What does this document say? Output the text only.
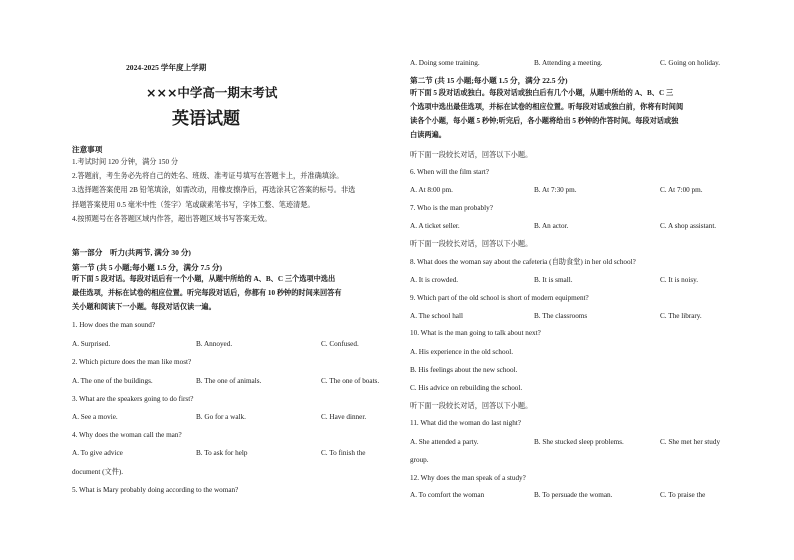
2024-2025 学年度上学期
×××中学高一期末考试
英语试题
注意事项
1.考试时间 120 分钟，满分 150 分
2.答题前，考生务必先将自己的姓名、班级、准考证号填写在答题卡上，并准确填涂。
3.选择题答案使用 2B 铅笔填涂，如需改动，用橡皮擦净后，再选涂其它答案的标号。非选
择题答案使用 0.5 毫米中性（签字）笔或碳素笔书写，字体工整、笔迹清楚。
4.按照题号在各答题区域内作答，超出答题区域书写答案无效。
第一部分　听力(共两节, 满分 30 分)
第一节 (共 5 小题;每小题 1.5 分，满分 7.5 分)
听下面 5 段对话。每段对话后有一个小题，从题中所给的 A、B、C 三个选项中选出
最佳选项，并标在试卷的相应位置。听完每段对话后，你都有 10 秒钟的时间来回答有
关小题和阅读下一小题。每段对话仅读一遍。
1. How does the man sound?
A. Surprised.	B. Annoyed.	C. Confused.
2. Which picture does the man like most?
A. The one of the buildings.	B. The one of animals.	C. The one of boats.
3. What are the speakers going to do first?
A. See a movie.	B. Go for a walk.	C. Have dinner.
4. Why does the woman call the man?
A. To give advice	B. To ask for help	C. To finish the
document (文件).
5. What is Mary probably doing according to the woman?
A. Doing some training.	B. Attending a meeting.	C. Going on holiday.
第二节 (共 15 小题;每小题 1.5 分，满分 22.5 分)
听下面 5 段对话或独白。每段对话或独白后有几个小题，从题中所给的 A、B、C 三
个选项中选出最佳选项，并标在试卷的相应位置。听每段对话或独白前，你将有时间阅
读各个小题，每小题 5 秒钟;听完后，各小题将给出 5 秒钟的作答时间。每段对话或独
白读两遍。
听下面一段较长对话，回答以下小题。
6. When will the film start?
A. At 8:00 pm.	B. At 7:30 pm.	C. At 7:00 pm.
7. Who is the man probably?
A. A ticket seller.	B. An actor.	C. A shop assistant.
听下面一段较长对话，回答以下小题。
8. What does the woman say about the cafeteria (自助食堂) in her old school?
A. It is crowded.	B. It is small.	C. It is noisy.
9. Which part of the old school is short of modern equipment?
A. The school hall	B. The classrooms	C. The library.
10. What is the man going to talk about next?
A. His experience in the old school.
B. His feelings about the new school.
C. His advice on rebuilding the school.
听下面一段较长对话，回答以下小题。
11. What did the woman do last night?
A. She attended a party.	B. She stucked sleep problems.	C. She met her study
group.
12. Why does the man speak of a study?
A. To comfort the woman	B. To persuade the woman.	C. To praise the
